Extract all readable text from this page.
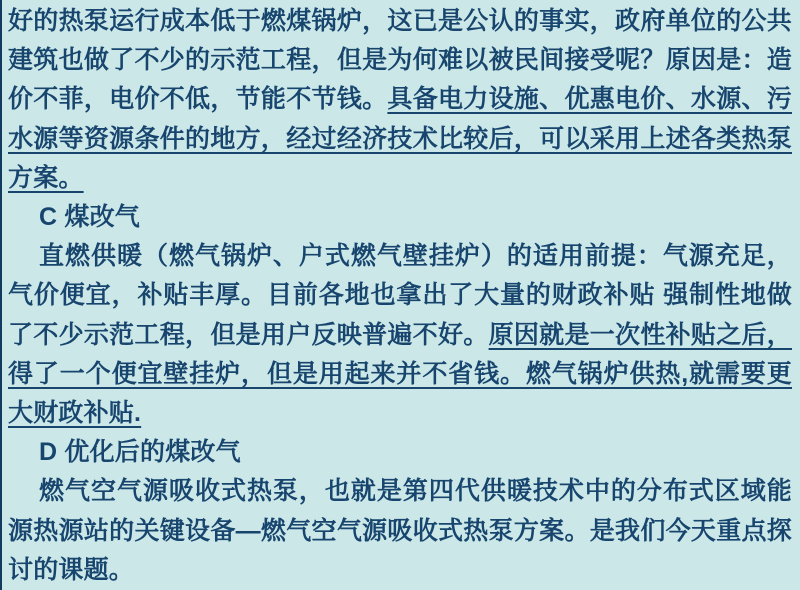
好的热泵运行成本低于燃煤锅炉，这已是公认的事实，政府单位的公共建筑也做了不少的示范工程，但是为何难以被民间接受呢？原因是：造价不菲，电价不低，节能不节钱。具备电力设施、优惠电价、水源、污水源等资源条件的地方，经过经济技术比较后，可以采用上述各类热泵方案。

C 煤改气

直燃供暖（燃气锅炉、户式燃气壁挂炉）的适用前提：气源充足，气价便宜，补贴丰厚。目前各地也拿出了大量的财政补贴 强制性地做了不少示范工程，但是用户反映普遍不好。原因就是一次性补贴之后，得了一个便宜壁挂炉，但是用起来并不省钱。燃气锅炉供热,就需要更大财政补贴.

D 优化后的煤改气

燃气空气源吸收式热泵，也就是第四代供暖技术中的分布式区域能源热源站的关键设备—燃气空气源吸收式热泵方案。是我们今天重点探讨的课题。
